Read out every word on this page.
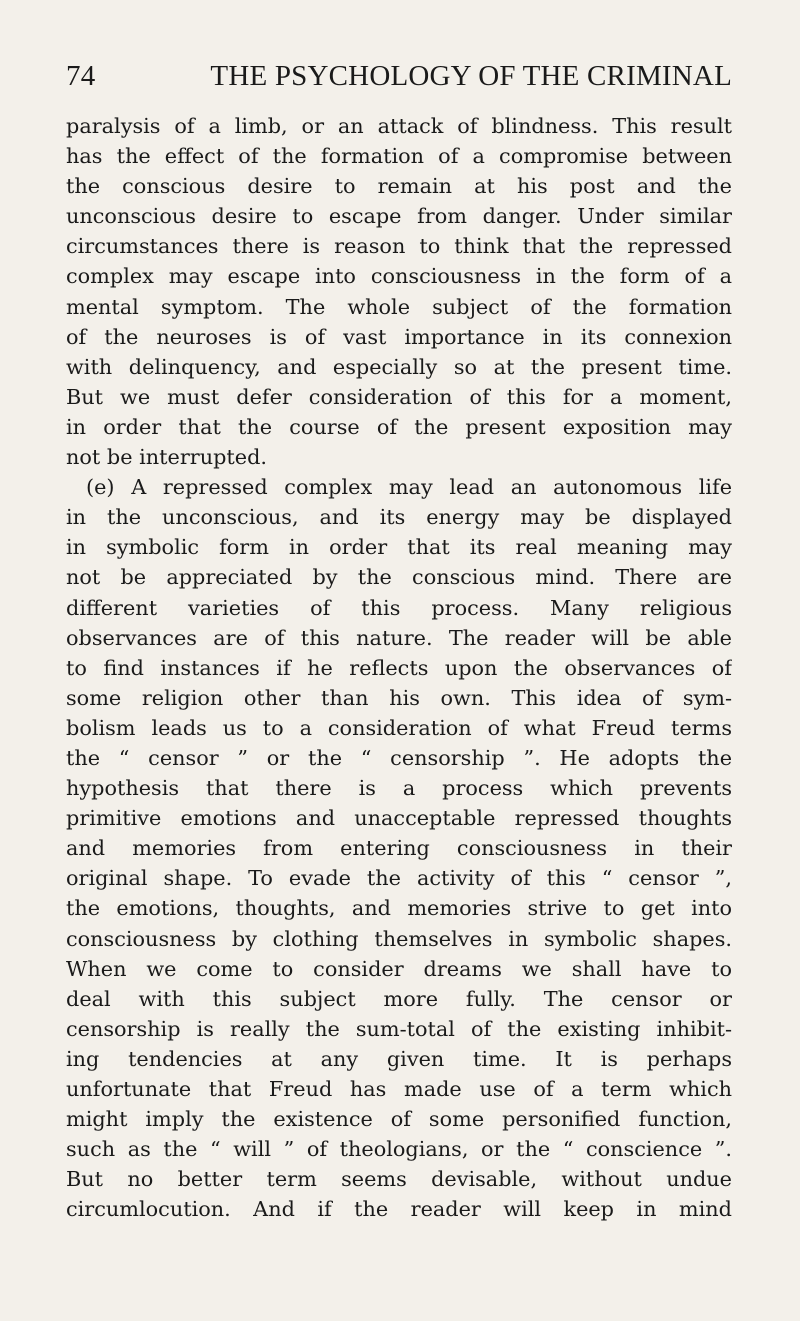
74	THE PSYCHOLOGY OF THE CRIMINAL
paralysis of a limb, or an attack of blindness. This result
has the effect of the formation of a compromise between
the conscious desire to remain at his post and the
unconscious desire to escape from danger. Under similar
circumstances there is reason to think that the repressed
complex may escape into consciousness in the form of a
mental symptom. The whole subject of the formation
of the neuroses is of vast importance in its connexion
with delinquency, and especially so at the present time.
But we must defer consideration of this for a moment,
in order that the course of the present exposition may
not be interrupted.
(e) A repressed complex may lead an autonomous life
in the unconscious, and its energy may be displayed
in symbolic form in order that its real meaning may
not be appreciated by the conscious mind. There are
different varieties of this process. Many religious
observances are of this nature. The reader will be able
to find instances if he reflects upon the observances of
some religion other than his own. This idea of sym-
bolism leads us to a consideration of what Freud terms
the “ censor ” or the “ censorship ”. He adopts the
hypothesis that there is a process which prevents
primitive emotions and unacceptable repressed thoughts
and memories from entering consciousness in their
original shape. To evade the activity of this “ censor ”,
the emotions, thoughts, and memories strive to get into
consciousness by clothing themselves in symbolic shapes.
When we come to consider dreams we shall have to
deal with this subject more fully. The censor or
censorship is really the sum-total of the existing inhibit-
ing tendencies at any given time. It is perhaps
unfortunate that Freud has made use of a term which
might imply the existence of some personified function,
such as the “ will ” of theologians, or the “ conscience ”.
But no better term seems devisable, without undue
circumlocution. And if the reader will keep in mind
